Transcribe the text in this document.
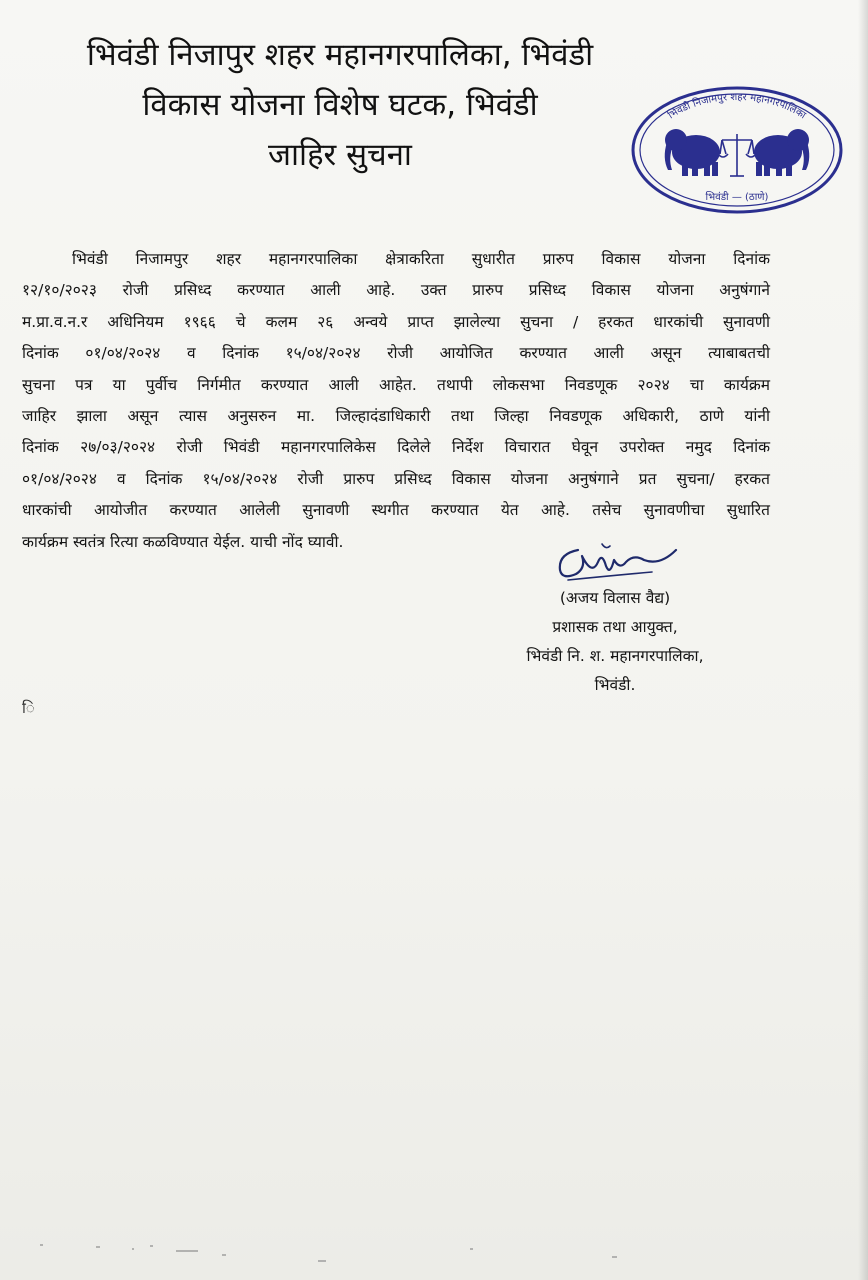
भिवंडी निजापुर शहर महानगरपालिका, भिवंडी
विकास योजना विशेष घटक, भिवंडी
जाहिर सुचना
भिवंडी निजामपुर शहर महानगरपालिका
भिवंडी — (ठाणे)
भिवंडी निजामपुर शहर महानगरपालिका क्षेत्राकरिता सुधारीत प्रारुप विकास योजना दिनांक
१२/१०/२०२३ रोजी प्रसिध्द करण्यात आली आहे. उक्त प्रारुप प्रसिध्द विकास योजना अनुषंगाने
म.प्रा.व.न.र अधिनियम १९६६ चे कलम २६ अन्वये प्राप्त झालेल्या सुचना / हरकत धारकांची सुनावणी
दिनांक ०१/०४/२०२४ व दिनांक १५/०४/२०२४ रोजी आयोजित करण्यात आली असून त्याबाबतची
सुचना पत्र या पुर्वीच निर्गमीत करण्यात आली आहेत. तथापी लोकसभा निवडणूक २०२४ चा कार्यक्रम
जाहिर झाला असून त्यास अनुसरुन मा. जिल्हादंडाधिकारी तथा जिल्हा निवडणूक अधिकारी, ठाणे यांनी
दिनांक २७/०३/२०२४ रोजी भिवंडी महानगरपालिकेस दिलेले निर्देश विचारात घेवून उपरोक्त नमुद दिनांक
०१/०४/२०२४ व दिनांक १५/०४/२०२४ रोजी प्रारुप प्रसिध्द विकास योजना अनुषंगाने प्रत सुचना/ हरकत
धारकांची आयोजीत करण्यात आलेली सुनावणी स्थगीत करण्यात येत आहे. तसेच सुनावणीचा सुधारित
कार्यक्रम स्वतंत्र रित्या कळविण्यात येईल. याची नोंद घ्यावी.
(अजय विलास वैद्य)
प्रशासक तथा आयुक्त,
भिवंडी नि. श. महानगरपालिका,
भिवंडी.
ि
